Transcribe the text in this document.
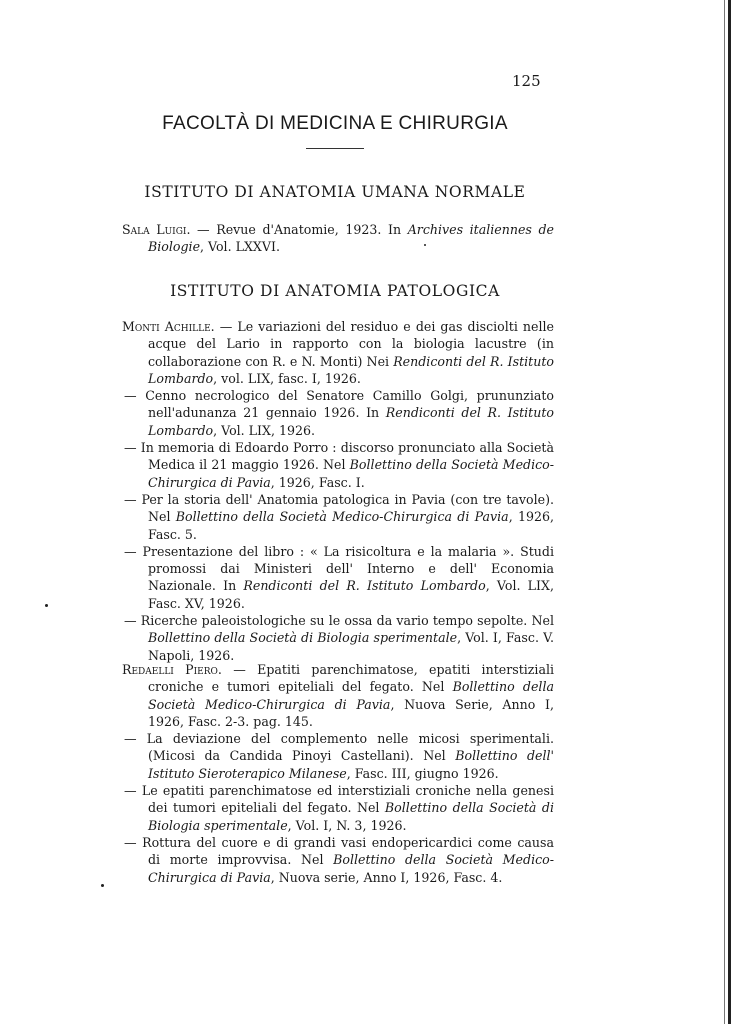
125
FACOLTÀ DI MEDICINA E CHIRURGIA
ISTITUTO DI ANATOMIA UMANA NORMALE

Sala Luigi. — Revue d'Anatomie, 1923. In Archives italiennes de Biologie, Vol. LXXVI.

ISTITUTO DI ANATOMIA PATOLOGICA

Monti Achille. — Le variazioni del residuo e dei gas disciolti nelle acque del Lario in rapporto con la biologia lacustre (in collaborazione con R. e N. Monti) Nei Rendiconti del R. Istituto Lombardo, vol. LIX, fasc. I, 1926.

— Cenno necrologico del Senatore Camillo Golgi, prununziato nell'adunanza 21 gennaio 1926. In Rendiconti del R. Istituto Lombardo, Vol. LIX, 1926.

— In memoria di Edoardo Porro : discorso pronunciato alla Società Medica il 21 maggio 1926. Nel Bollettino della Società Medico-Chirurgica di Pavia, 1926, Fasc. I.

— Per la storia dell' Anatomia patologica in Pavia (con tre tavole). Nel Bollettino della Società Medico-Chirurgica di Pavia, 1926, Fasc. 5.

— Presentazione del libro : « La risicoltura e la malaria ». Studi promossi dai Ministeri dell' Interno e dell' Economia Nazionale. In Rendiconti del R. Istituto Lombardo, Vol. LIX, Fasc. XV, 1926.

— Ricerche paleoistologiche su le ossa da vario tempo sepolte. Nel Bollettino della Società di Biologia sperimentale, Vol. I, Fasc. V. Napoli, 1926.

Redaelli Piero. — Epatiti parenchimatose, epatiti interstiziali croniche e tumori epiteliali del fegato. Nel Bollettino della Società Medico-Chirurgica di Pavia, Nuova Serie, Anno I, 1926, Fasc. 2-3. pag. 145.

— La deviazione del complemento nelle micosi sperimentali. (Micosi da Candida Pinoyi Castellani). Nel Bollettino dell' Istituto Sieroterapico Milanese, Fasc. III, giugno 1926.

— Le epatiti parenchimatose ed interstiziali croniche nella genesi dei tumori epiteliali del fegato. Nel Bollettino della Società di Biologia sperimentale, Vol. I, N. 3, 1926.

— Rottura del cuore e di grandi vasi endopericardici come causa di morte improvvisa. Nel Bollettino della Società Medico-Chirurgica di Pavia, Nuova serie, Anno I, 1926, Fasc. 4.
